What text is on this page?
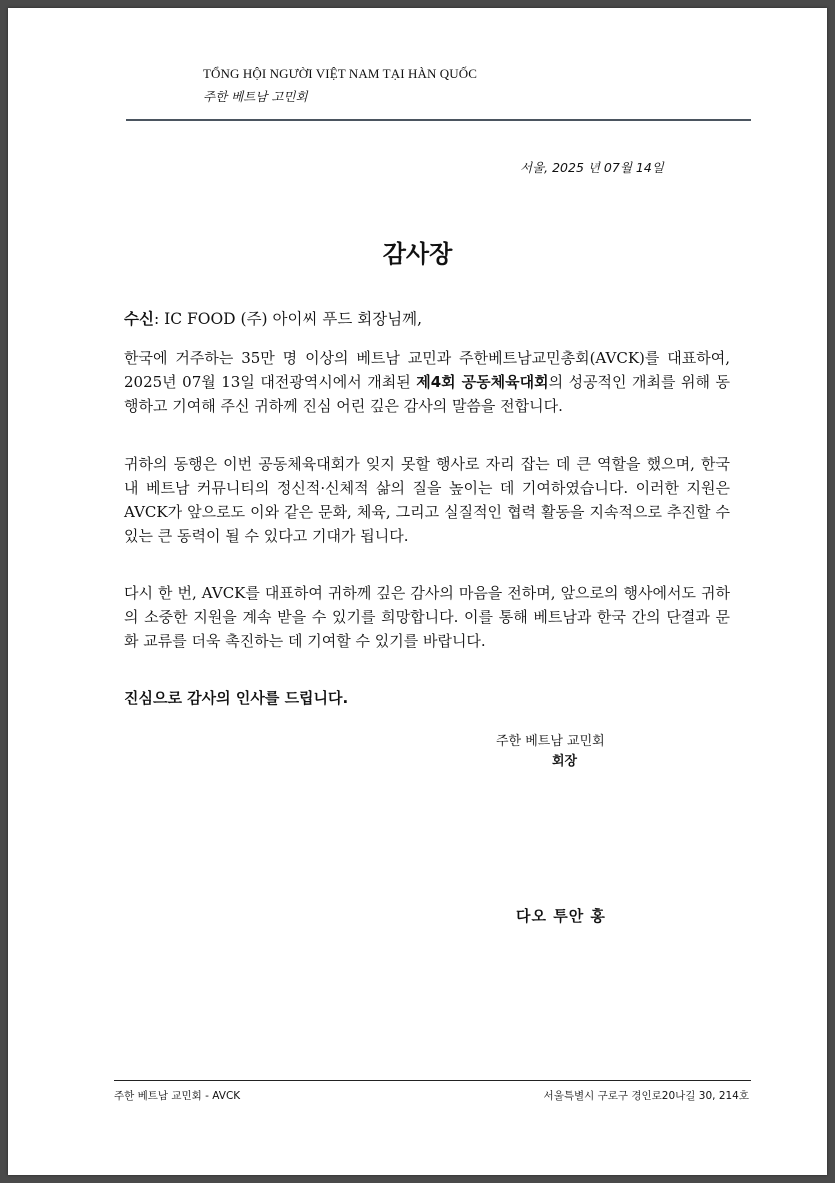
TỔNG HỘI NGƯỜI VIỆT NAM TẠI HÀN QUỐC
주한 베트남 고민회
서울, 2025 년 07월 14일
감사장
수신: IC FOOD (주) 아이씨 푸드 회장님께,
한국에 거주하는 35만 명 이상의 베트남 교민과 주한베트남교민총회(AVCK)를 대표하여, 2025년 07월 13일 대전광역시에서 개최된 제4회 공동체육대회의 성공적인 개최를 위해 동행하고 기여해 주신 귀하께 진심 어린 깊은 감사의 말씀을 전합니다.
귀하의 동행은 이번 공동체육대회가 잊지 못할 행사로 자리 잡는 데 큰 역할을 했으며, 한국 내 베트남 커뮤니티의 정신적·신체적 삶의 질을 높이는 데 기여하였습니다. 이러한 지원은 AVCK가 앞으로도 이와 같은 문화, 체육, 그리고 실질적인 협력 활동을 지속적으로 추진할 수 있는 큰 동력이 될 수 있다고 기대가 됩니다.
다시 한 번, AVCK를 대표하여 귀하께 깊은 감사의 마음을 전하며, 앞으로의 행사에서도 귀하의 소중한 지원을 계속 받을 수 있기를 희망합니다. 이를 통해 베트남과 한국 간의 단결과 문화 교류를 더욱 촉진하는 데 기여할 수 있기를 바랍니다.
진심으로 감사의 인사를 드립니다.
주한 베트남 교민회
회장
다오 투안 홍
주한 베트남 교민회 - AVCK	서울특별시 구로구 경인로20나길 30, 214호
